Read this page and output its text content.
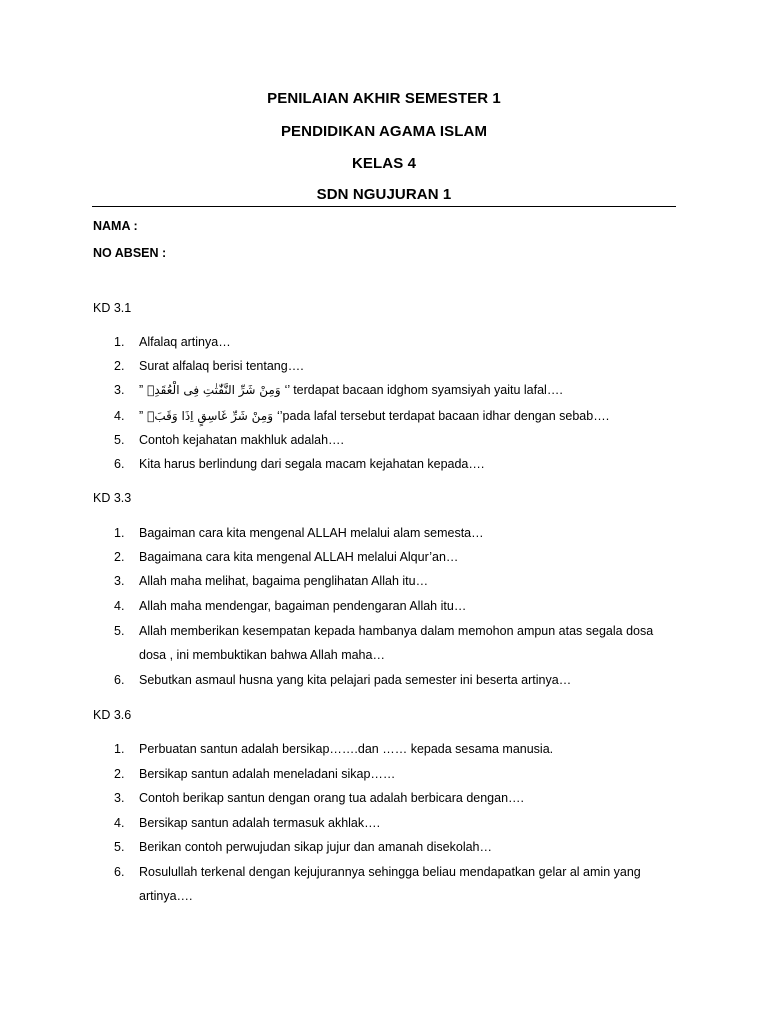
PENILAIAN AKHIR SEMESTER 1
PENDIDIKAN AGAMA ISLAM
KELAS 4
SDN NGUJURAN 1
NAMA :
NO ABSEN :
KD 3.1
1.	Alfalaq artinya…
2.	Surat alfalaq berisi tentang….
3.	” وَمِنْ شَرِّ النَّفّٰثٰتِ فِى الْعُقَدِۙ ‘’ terdapat bacaan idghom syamsiyah yaitu lafal….
4.	” وَمِنْ شَرِّ غَاسِقٍ اِذَا وَقَبَۙ ‘’pada lafal tersebut terdapat bacaan idhar dengan sebab….
5.	Contoh kejahatan makhluk adalah….
6.	Kita harus berlindung dari segala macam kejahatan kepada….
KD 3.3
1.	Bagaiman cara kita mengenal ALLAH melalui alam semesta…
2.	Bagaimana cara kita mengenal ALLAH melalui Alqur’an…
3.	Allah maha melihat, bagaima penglihatan Allah itu…
4.	Allah maha mendengar, bagaiman pendengaran Allah itu…
5.	Allah memberikan kesempatan kepada hambanya dalam memohon ampun atas segala dosa dosa , ini membuktikan bahwa Allah maha…
6.	Sebutkan asmaul husna yang kita pelajari pada semester ini beserta artinya…
KD 3.6
1.	Perbuatan santun adalah bersikap…….dan …… kepada sesama manusia.
2.	Bersikap santun adalah meneladani sikap……
3.	Contoh berikap santun dengan orang tua adalah berbicara dengan….
4.	Bersikap santun adalah termasuk akhlak….
5.	Berikan contoh perwujudan sikap jujur dan amanah disekolah…
6.	Rosulullah terkenal dengan kejujurannya sehingga beliau mendapatkan gelar al amin yang artinya….
